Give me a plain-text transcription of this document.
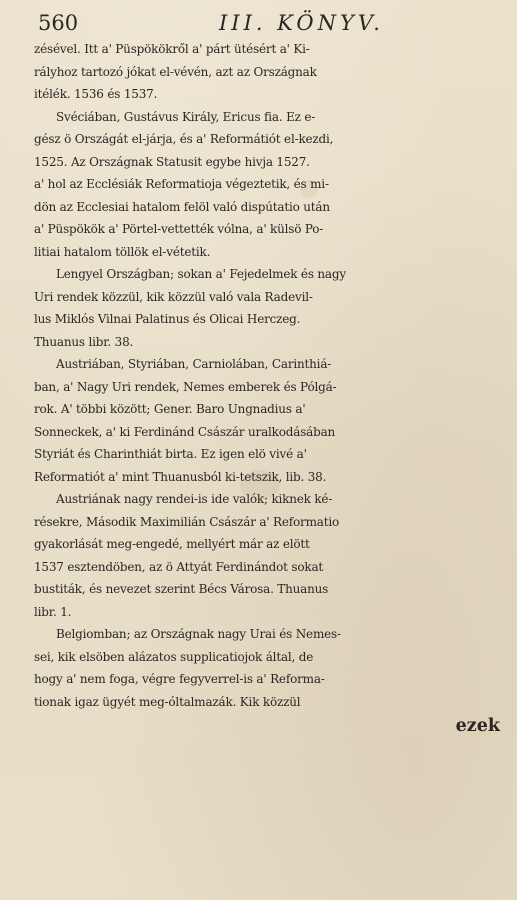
560	III. KÖNYV.
zésével. Itt a' Püspökökről a' párt ütésért a' Ki-
rályhoz tartozó jókat el-vévén, azt az Országnak
itélék. 1536 és 1537.
Svéciában, Gustávus Király, Ericus fia. Ez e-
gész ö Országát el-járja, és a' Reformátiót el-kezdi,
1525. Az Országnak Statusit egybe hivja 1527.
a' hol az Ecclésiák Reformatioja végeztetik, és mi-
dön az Ecclesiai hatalom felöl való dispútatio után
a' Püspökök a' Pörtel-vettették vólna, a' külsö Po-
litiai hatalom töllök el-vétetik.
Lengyel Országban; sokan a' Fejedelmek és nagy
Uri rendek közzül, kik közzül való vala Radevil-
lus Miklós Vilnai Palatinus és Olicai Herczeg.
Thuanus libr. 38.
Austriában, Styriában, Carniolában, Carinthiá-
ban, a' Nagy Uri rendek, Nemes emberek és Pólgá-
rok. A' többi között; Gener. Baro Ungnadius a'
Sonneckek, a' ki Ferdinánd Császár uralkodásában
Styriát és Charinthiát birta. Ez igen elö vivé a'
Reformatiót a' mint Thuanusból ki-tetszik, lib. 38.
Austriának nagy rendei-is ide valók; kiknek ké-
résekre, Második Maximilián Császár a' Reformatio
gyakorlását meg-engedé, mellyért már az elött
1537 esztendöben, az ö Attyát Ferdinándot sokat
bustiták, és nevezet szerint Bécs Városa. Thuanus
libr. 1.
Belgiomban; az Országnak nagy Urai és Nemes-
sei, kik elsöben alázatos supplicatiojok által, de
hogy a' nem foga, végre fegyverrel-is a' Reforma-
tionak igaz ügyét meg-óltalmazák. Kik közzül
ezek
